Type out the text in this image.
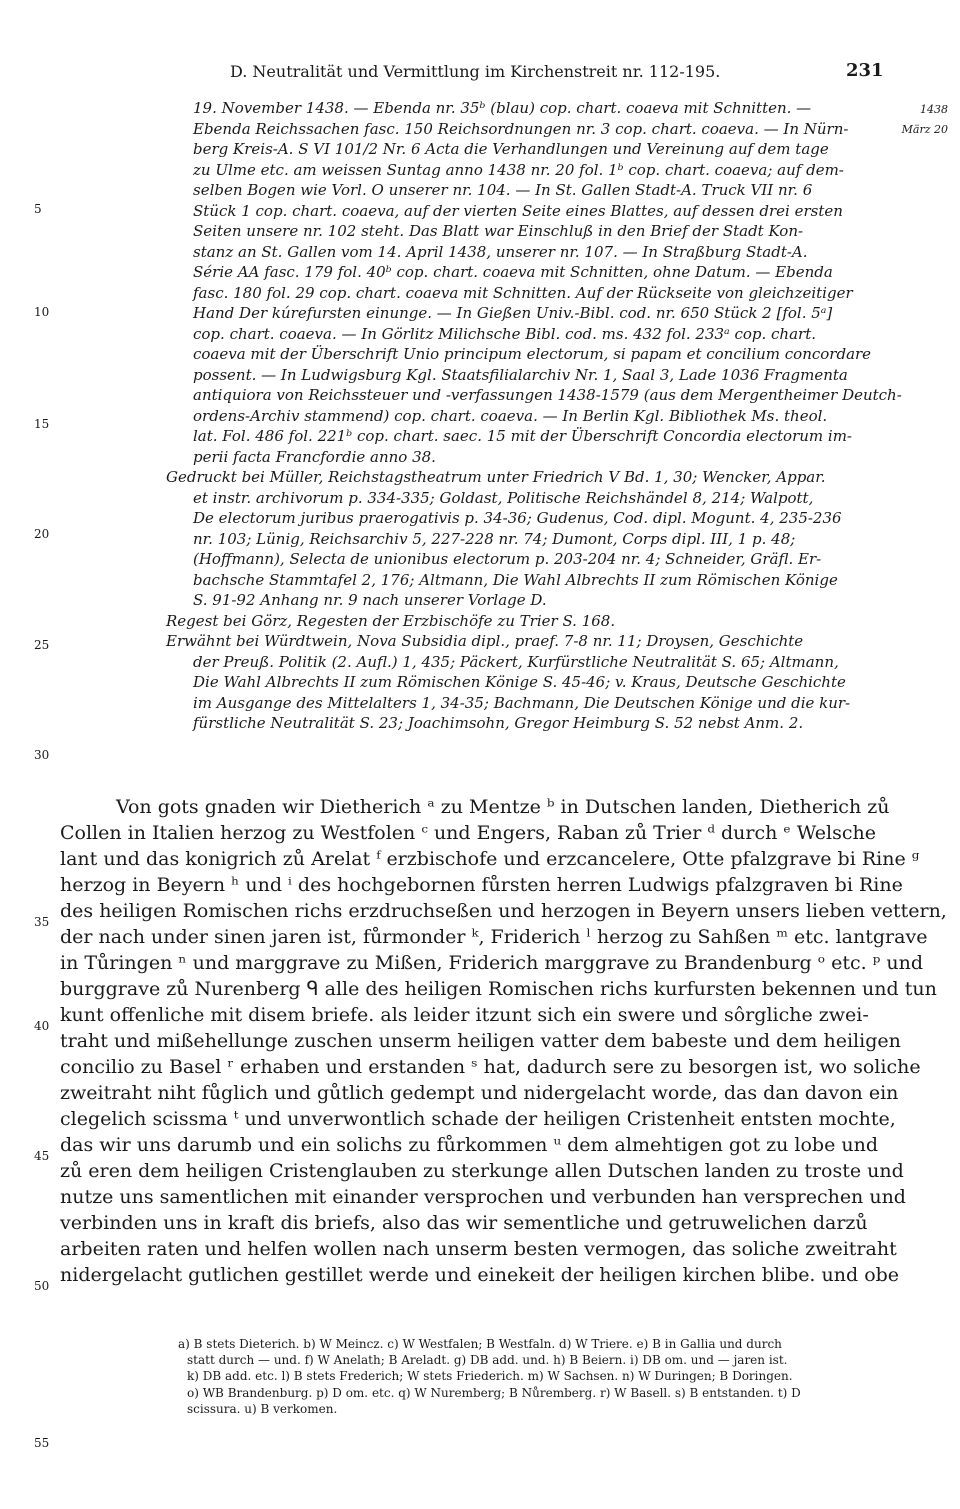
D. Neutralität und Vermittlung im Kirchenstreit nr. 112-195.	231
1438
März 20
5
10
15
20
25
30
35
40
45
50
55
19. November 1438. — Ebenda nr. 35ᵇ (blau) cop. chart. coaeva mit Schnitten. —
Ebenda Reichssachen fasc. 150 Reichsordnungen nr. 3 cop. chart. coaeva. — In Nürn-
berg Kreis-A. S VI 101/2 Nr. 6 Acta die Verhandlungen und Vereinung auf dem tage
zu Ulme etc. am weissen Suntag anno 1438 nr. 20 fol. 1ᵇ cop. chart. coaeva; auf dem-
selben Bogen wie Vorl. O unserer nr. 104. — In St. Gallen Stadt-A. Truck VII nr. 6
Stück 1 cop. chart. coaeva, auf der vierten Seite eines Blattes, auf dessen drei ersten
Seiten unsere nr. 102 steht. Das Blatt war Einschluß in den Brief der Stadt Kon-
stanz an St. Gallen vom 14. April 1438, unserer nr. 107. — In Straßburg Stadt-A.
Série AA fasc. 179 fol. 40ᵇ cop. chart. coaeva mit Schnitten, ohne Datum. — Ebenda
fasc. 180 fol. 29 cop. chart. coaeva mit Schnitten. Auf der Rückseite von gleichzeitiger
Hand Der kúrefursten einunge. — In Gießen Univ.-Bibl. cod. nr. 650 Stück 2 [fol. 5ᵃ]
cop. chart. coaeva. — In Görlitz Milichsche Bibl. cod. ms. 432 fol. 233ᵃ cop. chart.
coaeva mit der Überschrift Unio principum electorum, si papam et concilium concordare
possent. — In Ludwigsburg Kgl. Staatsfilialarchiv Nr. 1, Saal 3, Lade 1036 Fragmenta
antiquiora von Reichssteuer und -verfassungen 1438-1579 (aus dem Mergentheimer Deutch-
ordens-Archiv stammend) cop. chart. coaeva. — In Berlin Kgl. Bibliothek Ms. theol.
lat. Fol. 486 fol. 221ᵇ cop. chart. saec. 15 mit der Überschrift Concordia electorum im-
perii facta Francfordie anno 38.
Gedruckt bei Müller, Reichstagstheatrum unter Friedrich V Bd. 1, 30; Wencker, Appar.
et instr. archivorum p. 334-335; Goldast, Politische Reichshändel 8, 214; Walpott,
De electorum juribus praerogativis p. 34-36; Gudenus, Cod. dipl. Mogunt. 4, 235-236
nr. 103; Lünig, Reichsarchiv 5, 227-228 nr. 74; Dumont, Corps dipl. III, 1 p. 48;
(Hoffmann), Selecta de unionibus electorum p. 203-204 nr. 4; Schneider, Gräfl. Er-
bachsche Stammtafel 2, 176; Altmann, Die Wahl Albrechts II zum Römischen Könige
S. 91-92 Anhang nr. 9 nach unserer Vorlage D.
Regest bei Görz, Regesten der Erzbischöfe zu Trier S. 168.
Erwähnt bei Würdtwein, Nova Subsidia dipl., praef. 7-8 nr. 11; Droysen, Geschichte
der Preuß. Politik (2. Aufl.) 1, 435; Päckert, Kurfürstliche Neutralität S. 65; Altmann,
Die Wahl Albrechts II zum Römischen Könige S. 45-46; v. Kraus, Deutsche Geschichte
im Ausgange des Mittelalters 1, 34-35; Bachmann, Die Deutschen Könige und die kur-
fürstliche Neutralität S. 23; Joachimsohn, Gregor Heimburg S. 52 nebst Anm. 2.
Von gots gnaden wir Dietherich ᵃ zu Mentze ᵇ in Dutschen landen, Dietherich zů
Collen in Italien herzog zu Westfolen ᶜ und Engers, Raban zů Trier ᵈ durch ᵉ Welsche
lant und das konigrich zů Arelat ᶠ erzbischofe und erzcancelere, Otte pfalzgrave bi Rine ᵍ
herzog in Beyern ʰ und ⁱ des hochgebornen fůrsten herren Ludwigs pfalzgraven bi Rine
des heiligen Romischen richs erzdruchseßen und herzogen in Beyern unsers lieben vettern,
der nach under sinen jaren ist, fůrmonder ᵏ, Friderich ˡ herzog zu Sahßen ᵐ etc. lantgrave
in Tůringen ⁿ und marggrave zu Mißen, Friderich marggrave zu Brandenburg ᵒ etc. ᵖ und
burggrave zů Nurenberg ᑫ alle des heiligen Romischen richs kurfursten bekennen und tun
kunt offenliche mit disem briefe. als leider itzunt sich ein swere und sôrgliche zwei-
traht und mißehellunge zuschen unserm heiligen vatter dem babeste und dem heiligen
concilio zu Basel ʳ erhaben und erstanden ˢ hat, dadurch sere zu besorgen ist, wo soliche
zweitraht niht fůglich und gůtlich gedempt und nidergelacht worde, das dan davon ein
clegelich scissma ᵗ und unverwontlich schade der heiligen Cristenheit entsten mochte,
das wir uns darumb und ein solichs zu fůrkommen ᵘ dem almehtigen got zu lobe und
zů eren dem heiligen Cristenglauben zu sterkunge allen Dutschen landen zu troste und
nutze uns samentlichen mit einander versprochen und verbunden han versprechen und
verbinden uns in kraft dis briefs, also das wir sementliche und getruwelichen darzů
arbeiten raten und helfen wollen nach unserm besten vermogen, das soliche zweitraht
nidergelacht gutlichen gestillet werde und einekeit der heiligen kirchen blibe. und obe
a) B stets Dieterich. b) W Meincz. c) W Westfalen; B Westfaln. d) W Triere. e) B in Gallia und durch
statt durch — und. f) W Anelath; B Areladt. g) DB add. und. h) B Beiern. i) DB om. und — jaren ist.
k) DB add. etc. l) B stets Frederich; W stets Friederich. m) W Sachsen. n) W Duringen; B Doringen.
o) WB Brandenburg. p) D om. etc. q) W Nuremberg; B Nůremberg. r) W Basell. s) B entstanden. t) D
scissura. u) B verkomen.
